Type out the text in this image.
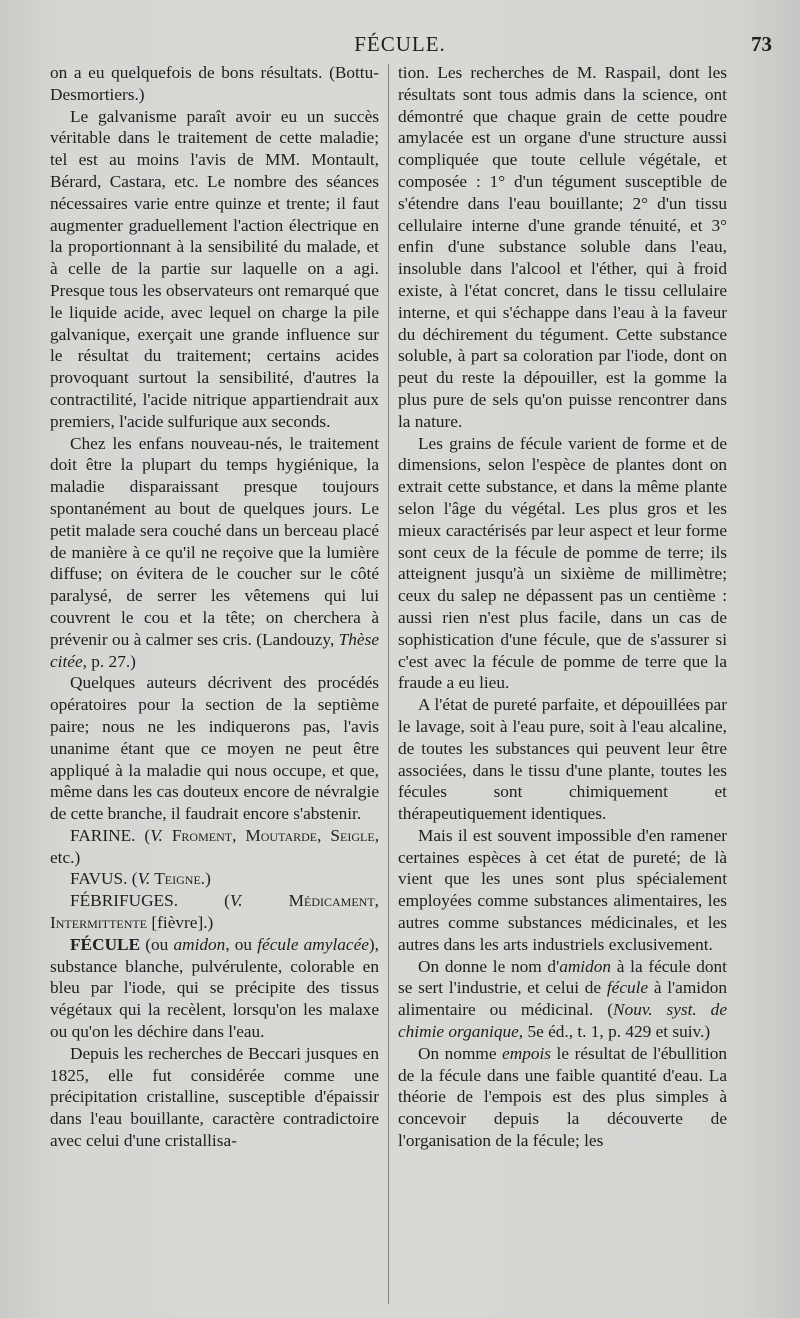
FÉCULE.	73

on a eu quelquefois de bons résultats. (Bottu-Desmortiers.)

Le galvanisme paraît avoir eu un succès véritable dans le traitement de cette maladie; tel est au moins l'avis de MM. Montault, Bérard, Castara, etc. Le nombre des séances nécessaires varie entre quinze et trente; il faut augmenter graduellement l'action électrique en la proportionnant à la sensibilité du malade, et à celle de la partie sur laquelle on a agi. Presque tous les observateurs ont remarqué que le liquide acide, avec lequel on charge la pile galvanique, exerçait une grande influence sur le résultat du traitement; certains acides provoquant surtout la sensibilité, d'autres la contractilité, l'acide nitrique appartiendrait aux premiers, l'acide sulfurique aux seconds.

Chez les enfans nouveau-nés, le traitement doit être la plupart du temps hygiénique, la maladie disparaissant presque toujours spontanément au bout de quelques jours. Le petit malade sera couché dans un berceau placé de manière à ce qu'il ne reçoive que la lumière diffuse; on évitera de le coucher sur le côté paralysé, de serrer les vêtemens qui lui couvrent le cou et la tête; on cherchera à prévenir ou à calmer ses cris. (Landouzy, Thèse citée, p. 27.)

Quelques auteurs décrivent des procédés opératoires pour la section de la septième paire; nous ne les indiquerons pas, l'avis unanime étant que ce moyen ne peut être appliqué à la maladie qui nous occupe, et que, même dans les cas douteux encore de névralgie de cette branche, il faudrait encore s'abstenir.

FARINE. (V. Froment, Moutarde, Seigle, etc.)

FAVUS. (V. Teigne.)

FÉBRIFUGES. (V. Médicament, Intermittente [fièvre].)

FÉCULE (ou amidon, ou fécule amylacée), substance blanche, pulvérulente, colorable en bleu par l'iode, qui se précipite des tissus végétaux qui la recèlent, lorsqu'on les malaxe ou qu'on les déchire dans l'eau.

Depuis les recherches de Beccari jusques en 1825, elle fut considérée comme une précipitation cristalline, susceptible d'épaissir dans l'eau bouillante, caractère contradictoire avec celui d'une cristallisa-

tion. Les recherches de M. Raspail, dont les résultats sont tous admis dans la science, ont démontré que chaque grain de cette poudre amylacée est un organe d'une structure aussi compliquée que toute cellule végétale, et composée : 1° d'un tégument susceptible de s'étendre dans l'eau bouillante; 2° d'un tissu cellulaire interne d'une grande ténuité, et 3° enfin d'une substance soluble dans l'eau, insoluble dans l'alcool et l'éther, qui à froid existe, à l'état concret, dans le tissu cellulaire interne, et qui s'échappe dans l'eau à la faveur du déchirement du tégument. Cette substance soluble, à part sa coloration par l'iode, dont on peut du reste la dépouiller, est la gomme la plus pure de sels qu'on puisse rencontrer dans la nature.

Les grains de fécule varient de forme et de dimensions, selon l'espèce de plantes dont on extrait cette substance, et dans la même plante selon l'âge du végétal. Les plus gros et les mieux caractérisés par leur aspect et leur forme sont ceux de la fécule de pomme de terre; ils atteignent jusqu'à un sixième de millimètre; ceux du salep ne dépassent pas un centième : aussi rien n'est plus facile, dans un cas de sophistication d'une fécule, que de s'assurer si c'est avec la fécule de pomme de terre que la fraude a eu lieu.

A l'état de pureté parfaite, et dépouillées par le lavage, soit à l'eau pure, soit à l'eau alcaline, de toutes les substances qui peuvent leur être associées, dans le tissu d'une plante, toutes les fécules sont chimiquement et thérapeutiquement identiques.

Mais il est souvent impossible d'en ramener certaines espèces à cet état de pureté; de là vient que les unes sont plus spécialement employées comme substances alimentaires, les autres comme substances médicinales, et les autres dans les arts industriels exclusivement.

On donne le nom d'amidon à la fécule dont se sert l'industrie, et celui de fécule à l'amidon alimentaire ou médicinal. (Nouv. syst. de chimie organique, 5e éd., t. 1, p. 429 et suiv.)

On nomme empois le résultat de l'ébullition de la fécule dans une faible quantité d'eau. La théorie de l'empois est des plus simples à concevoir depuis la découverte de l'organisation de la fécule; les
